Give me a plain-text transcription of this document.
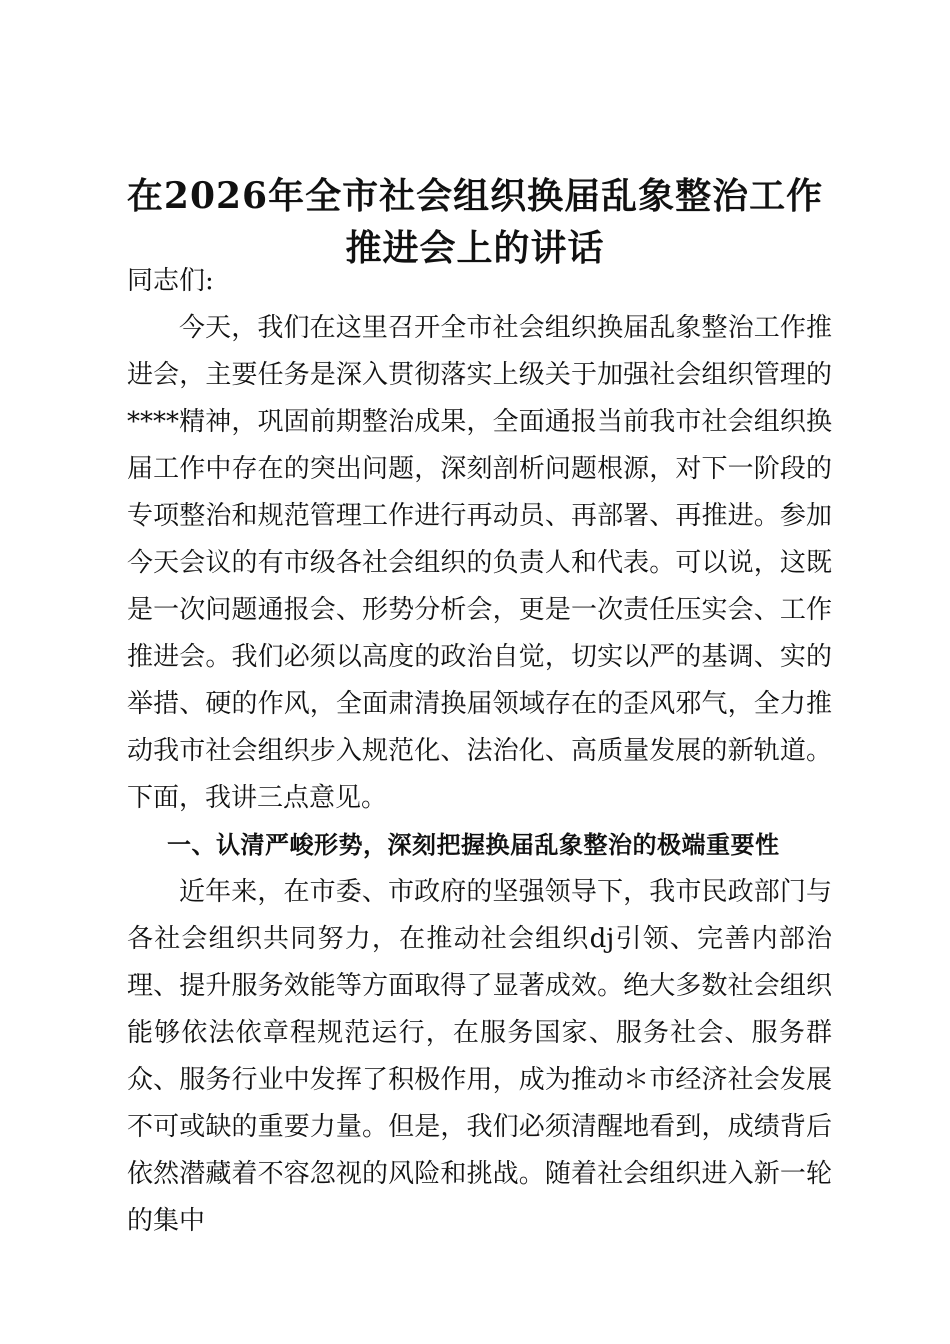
在2026年全市社会组织换届乱象整治工作
推进会上的讲话

同志们:

今天，我们在这里召开全市社会组织换届乱象整治工作推进会，主要任务是深入贯彻落实上级关于加强社会组织管理的****精神，巩固前期整治成果，全面通报当前我市社会组织换届工作中存在的突出问题，深刻剖析问题根源，对下一阶段的专项整治和规范管理工作进行再动员、再部署、再推进。参加今天会议的有市级各社会组织的负责人和代表。可以说，这既是一次问题通报会、形势分析会，更是一次责任压实会、工作推进会。我们必须以高度的政治自觉，切实以严的基调、实的举措、硬的作风，全面肃清换届领域存在的歪风邪气，全力推动我市社会组织步入规范化、法治化、高质量发展的新轨道。下面，我讲三点意见。

一、认清严峻形势，深刻把握换届乱象整治的极端重要性

近年来，在市委、市政府的坚强领导下，我市民政部门与各社会组织共同努力，在推动社会组织dj引领、完善内部治理、提升服务效能等方面取得了显著成效。绝大多数社会组织能够依法依章程规范运行，在服务国家、服务社会、服务群众、服务行业中发挥了积极作用，成为推动＊市经济社会发展不可或缺的重要力量。但是，我们必须清醒地看到，成绩背后依然潜藏着不容忽视的风险和挑战。随着社会组织进入新一轮的集中
